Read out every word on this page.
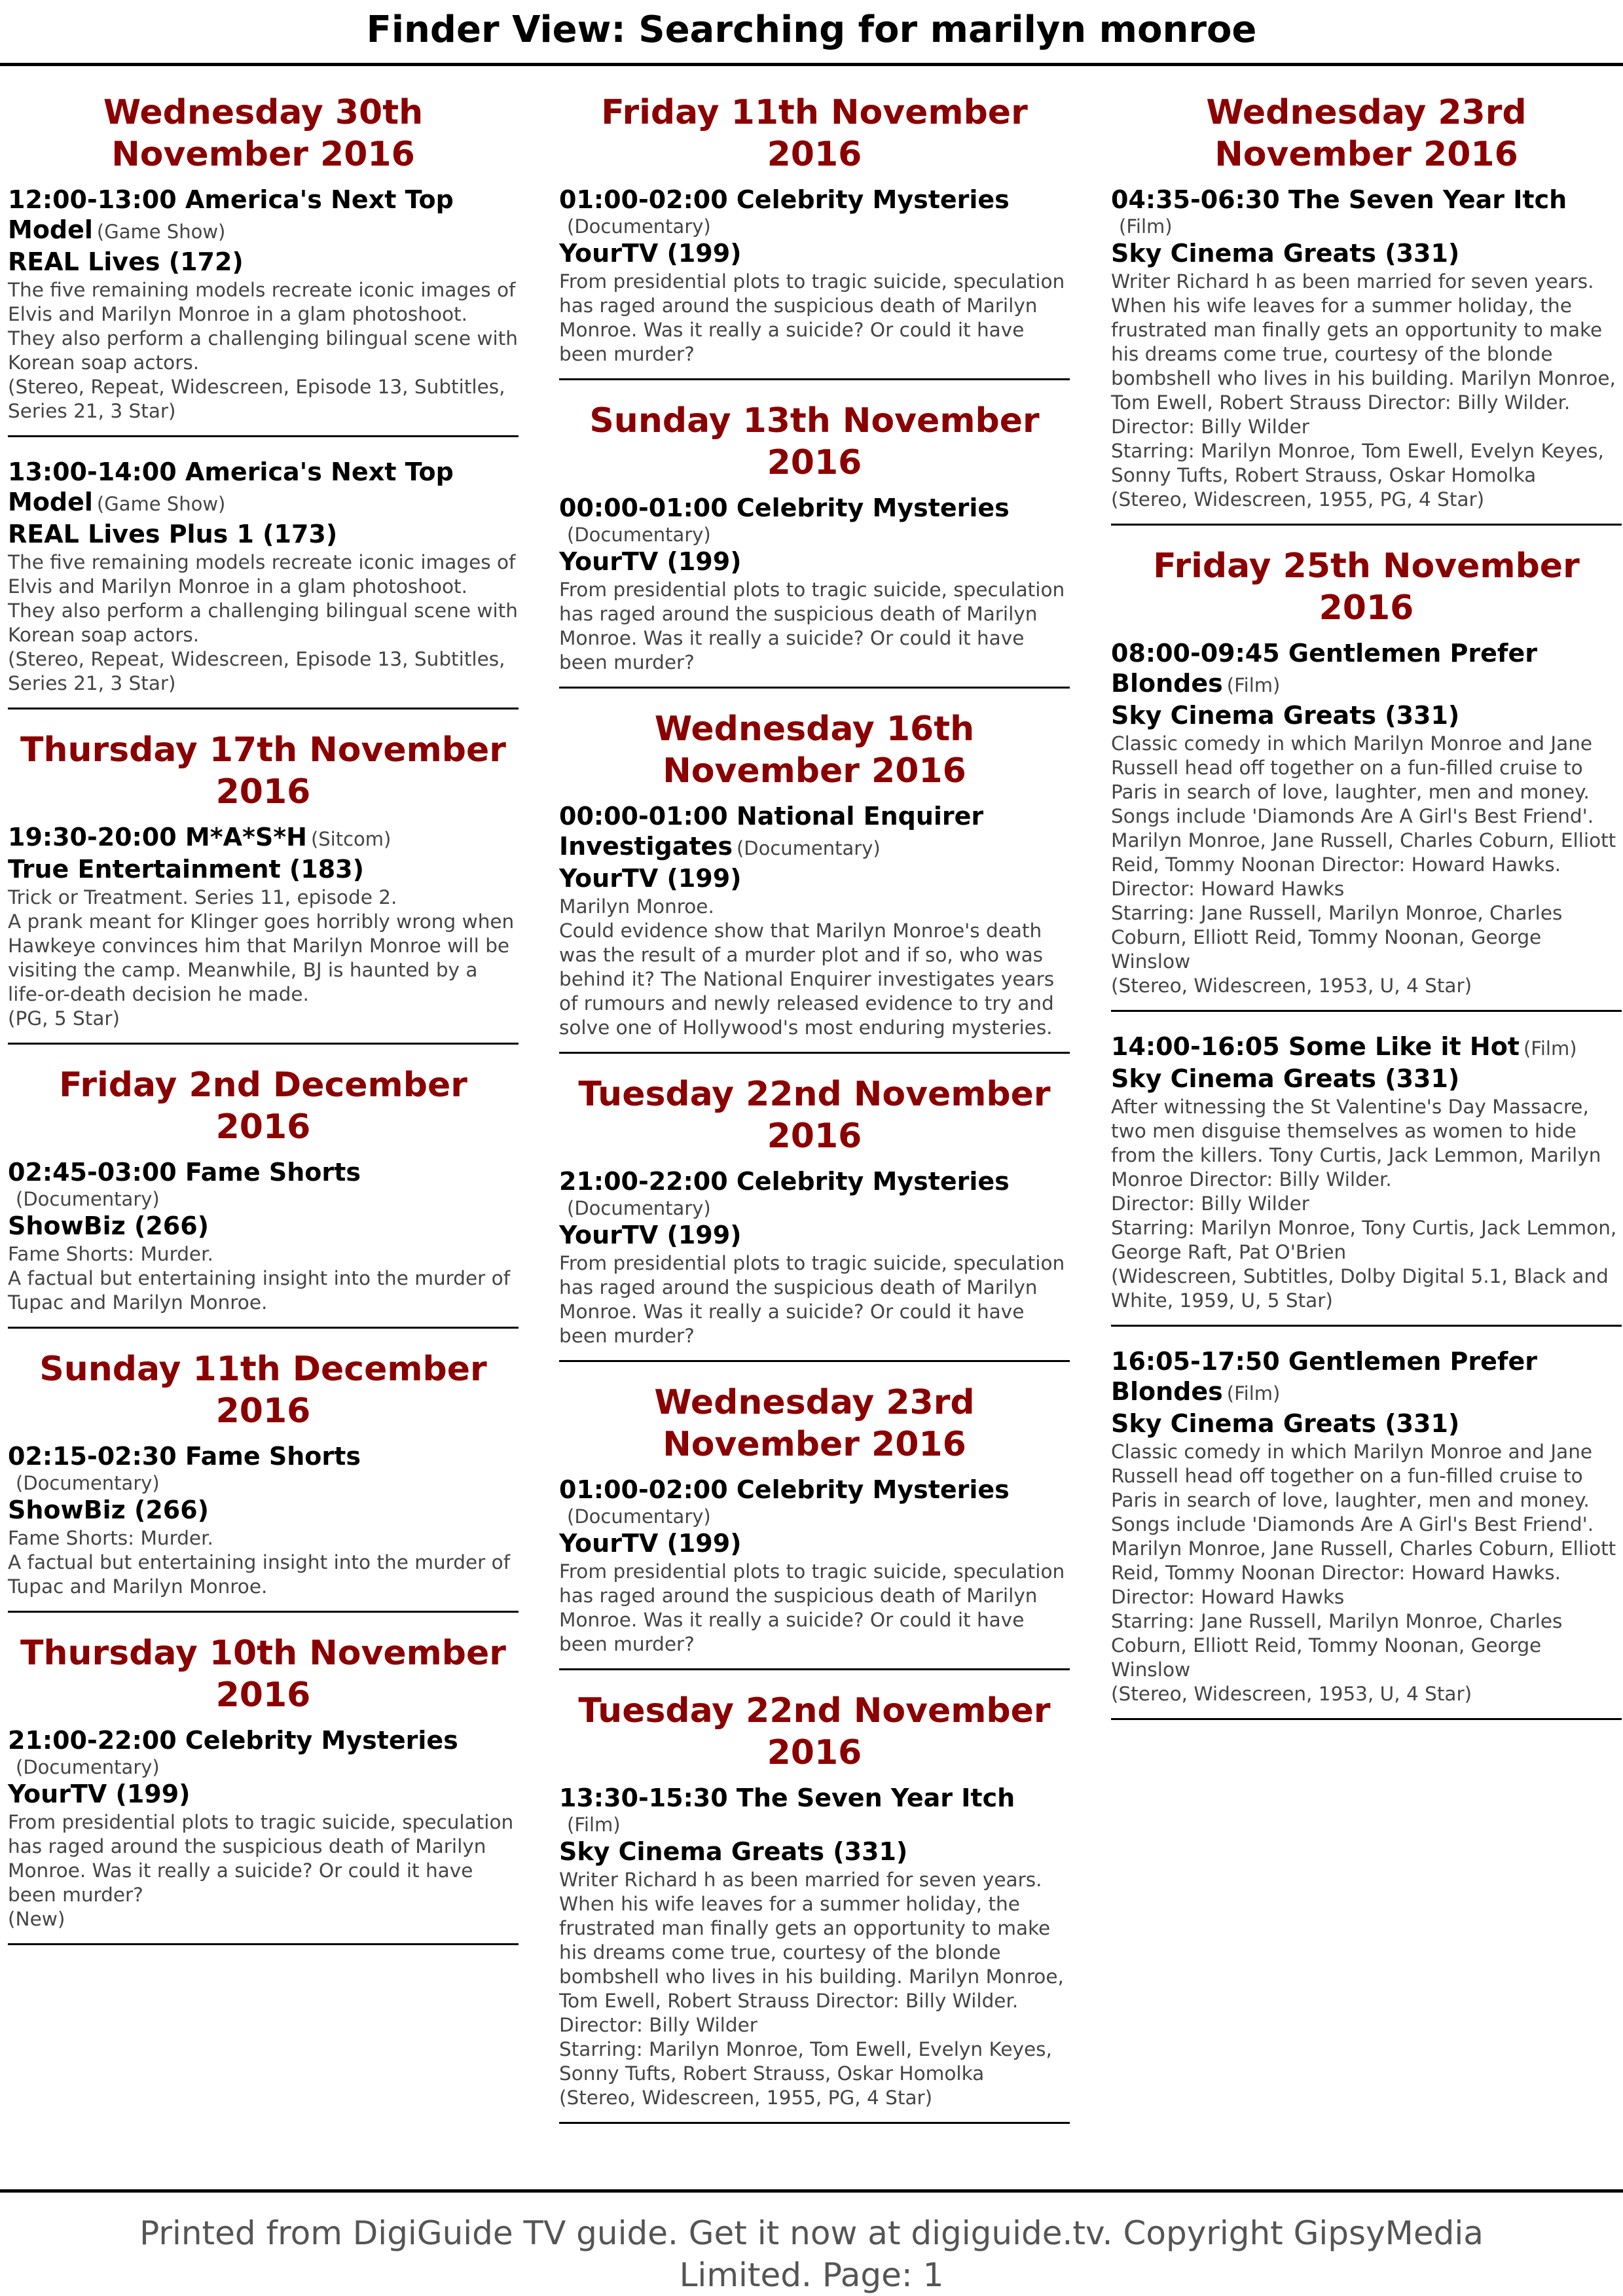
Finder View: Searching for marilyn monroe
Wednesday 30th
November 2016
12:00-13:00 America's Next Top Model (Game Show)
REAL Lives (172)
The five remaining models recreate iconic images of Elvis and Marilyn Monroe in a glam photoshoot. They also perform a challenging bilingual scene with Korean soap actors.
(Stereo, Repeat, Widescreen, Episode 13, Subtitles, Series 21, 3 Star)
13:00-14:00 America's Next Top Model (Game Show)
REAL Lives Plus 1 (173)
The five remaining models recreate iconic images of Elvis and Marilyn Monroe in a glam photoshoot. They also perform a challenging bilingual scene with Korean soap actors.
(Stereo, Repeat, Widescreen, Episode 13, Subtitles, Series 21, 3 Star)
Thursday 17th November
2016
19:30-20:00 M*A*S*H (Sitcom)
True Entertainment (183)
Trick or Treatment. Series 11, episode 2.
A prank meant for Klinger goes horribly wrong when Hawkeye convinces him that Marilyn Monroe will be visiting the camp. Meanwhile, BJ is haunted by a life-or-death decision he made.
(PG, 5 Star)
Friday 2nd December 2016
02:45-03:00 Fame Shorts
(Documentary)
ShowBiz (266)
Fame Shorts: Murder.
A factual but entertaining insight into the murder of Tupac and Marilyn Monroe.
Sunday 11th December
2016
02:15-02:30 Fame Shorts
(Documentary)
ShowBiz (266)
Fame Shorts: Murder.
A factual but entertaining insight into the murder of Tupac and Marilyn Monroe.
Thursday 10th November
2016
21:00-22:00 Celebrity Mysteries
(Documentary)
YourTV (199)
From presidential plots to tragic suicide, speculation has raged around the suspicious death of Marilyn Monroe. Was it really a suicide? Or could it have been murder?
(New)
Friday 11th November
2016
01:00-02:00 Celebrity Mysteries
(Documentary)
YourTV (199)
From presidential plots to tragic suicide, speculation has raged around the suspicious death of Marilyn Monroe. Was it really a suicide? Or could it have been murder?
Sunday 13th November
2016
00:00-01:00 Celebrity Mysteries
(Documentary)
YourTV (199)
From presidential plots to tragic suicide, speculation has raged around the suspicious death of Marilyn Monroe. Was it really a suicide? Or could it have been murder?
Wednesday 16th
November 2016
00:00-01:00 National Enquirer Investigates (Documentary)
YourTV (199)
Marilyn Monroe.
Could evidence show that Marilyn Monroe's death was the result of a murder plot and if so, who was behind it? The National Enquirer investigates years of rumours and newly released evidence to try and solve one of Hollywood's most enduring mysteries.
Tuesday 22nd November
2016
21:00-22:00 Celebrity Mysteries
(Documentary)
YourTV (199)
From presidential plots to tragic suicide, speculation has raged around the suspicious death of Marilyn Monroe. Was it really a suicide? Or could it have been murder?
Wednesday 23rd
November 2016
01:00-02:00 Celebrity Mysteries
(Documentary)
YourTV (199)
From presidential plots to tragic suicide, speculation has raged around the suspicious death of Marilyn Monroe. Was it really a suicide? Or could it have been murder?
Tuesday 22nd November
2016
13:30-15:30 The Seven Year Itch
(Film)
Sky Cinema Greats (331)
Writer Richard h as been married for seven years. When his wife leaves for a summer holiday, the frustrated man finally gets an opportunity to make his dreams come true, courtesy of the blonde bombshell who lives in his building. Marilyn Monroe, Tom Ewell, Robert Strauss Director: Billy Wilder.
Director: Billy Wilder
Starring: Marilyn Monroe, Tom Ewell, Evelyn Keyes, Sonny Tufts, Robert Strauss, Oskar Homolka
(Stereo, Widescreen, 1955, PG, 4 Star)
Wednesday 23rd
November 2016
04:35-06:30 The Seven Year Itch
(Film)
Sky Cinema Greats (331)
Writer Richard h as been married for seven years. When his wife leaves for a summer holiday, the frustrated man finally gets an opportunity to make his dreams come true, courtesy of the blonde bombshell who lives in his building. Marilyn Monroe, Tom Ewell, Robert Strauss Director: Billy Wilder.
Director: Billy Wilder
Starring: Marilyn Monroe, Tom Ewell, Evelyn Keyes, Sonny Tufts, Robert Strauss, Oskar Homolka
(Stereo, Widescreen, 1955, PG, 4 Star)
Friday 25th November
2016
08:00-09:45 Gentlemen Prefer Blondes (Film)
Sky Cinema Greats (331)
Classic comedy in which Marilyn Monroe and Jane Russell head off together on a fun-filled cruise to Paris in search of love, laughter, men and money. Songs include 'Diamonds Are A Girl's Best Friend'. Marilyn Monroe, Jane Russell, Charles Coburn, Elliott Reid, Tommy Noonan Director: Howard Hawks.
Director: Howard Hawks
Starring: Jane Russell, Marilyn Monroe, Charles Coburn, Elliott Reid, Tommy Noonan, George Winslow
(Stereo, Widescreen, 1953, U, 4 Star)
14:00-16:05 Some Like it Hot (Film)
Sky Cinema Greats (331)
After witnessing the St Valentine's Day Massacre, two men disguise themselves as women to hide from the killers. Tony Curtis, Jack Lemmon, Marilyn Monroe Director: Billy Wilder.
Director: Billy Wilder
Starring: Marilyn Monroe, Tony Curtis, Jack Lemmon, George Raft, Pat O'Brien
(Widescreen, Subtitles, Dolby Digital 5.1, Black and White, 1959, U, 5 Star)
16:05-17:50 Gentlemen Prefer Blondes (Film)
Sky Cinema Greats (331)
Classic comedy in which Marilyn Monroe and Jane Russell head off together on a fun-filled cruise to Paris in search of love, laughter, men and money. Songs include 'Diamonds Are A Girl's Best Friend'. Marilyn Monroe, Jane Russell, Charles Coburn, Elliott Reid, Tommy Noonan Director: Howard Hawks.
Director: Howard Hawks
Starring: Jane Russell, Marilyn Monroe, Charles Coburn, Elliott Reid, Tommy Noonan, George Winslow
(Stereo, Widescreen, 1953, U, 4 Star)
Printed from DigiGuide TV guide. Get it now at digiguide.tv. Copyright GipsyMedia Limited. Page: 1
